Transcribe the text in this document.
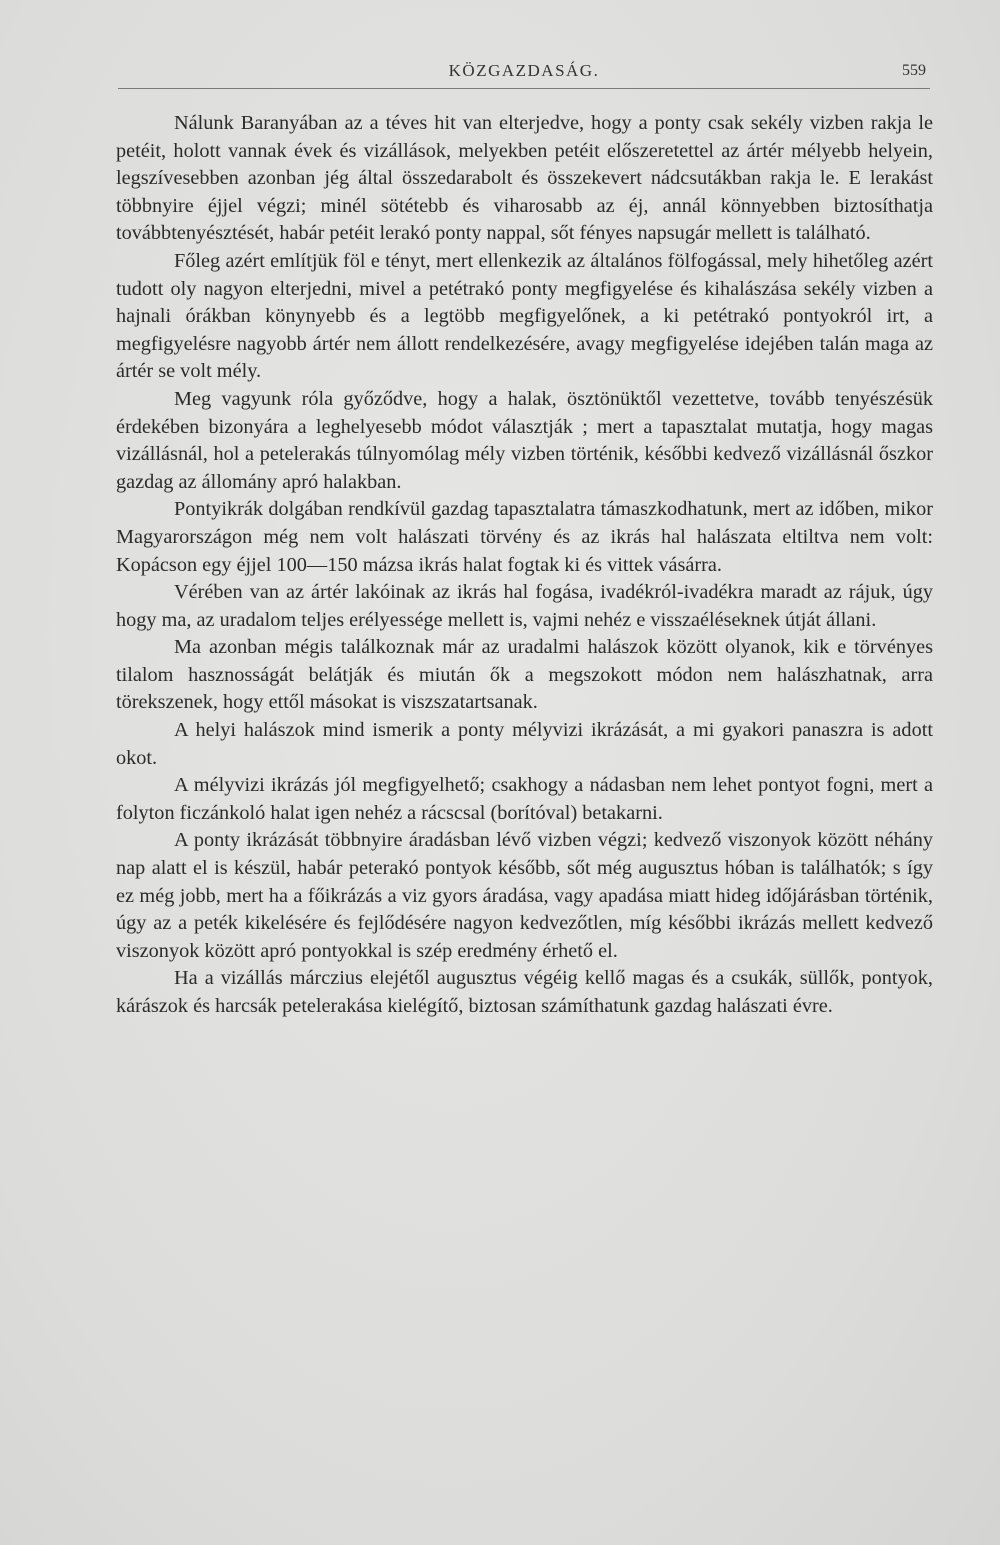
KÖZGAZDASÁG.	559

Nálunk Baranyában az a téves hit van elterjedve, hogy a ponty csak sekély vizben rakja le petéit, holott vannak évek és vizállások, melyekben petéit előszeretettel az ártér mélyebb helyein, legszívesebben azonban jég által összedarabolt és összekevert nádcsutákban rakja le. E lerakást többnyire éjjel végzi; minél sötétebb és viharosabb az éj, annál könnyebben biztosíthatja továbbtenyésztését, habár petéit lerakó ponty nappal, sőt fényes napsugár mellett is található.

Főleg azért említjük föl e tényt, mert ellenkezik az általános fölfogással, mely hihetőleg azért tudott oly nagyon elterjedni, mivel a petétrakó ponty megfigyelése és kihalászása sekély vizben a hajnali órákban könynyebb és a legtöbb megfigyelőnek, a ki petétrakó pontyokról irt, a megfigyelésre nagyobb ártér nem állott rendelkezésére, avagy megfigyelése idejében talán maga az ártér se volt mély.

Meg vagyunk róla győződve, hogy a halak, ösztönüktől vezettetve, tovább tenyészésük érdekében bizonyára a leghelyesebb módot választják ; mert a tapasztalat mutatja, hogy magas vizállásnál, hol a petelerakás túlnyomólag mély vizben történik, későbbi kedvező vizállásnál őszkor gazdag az állomány apró halakban.

Pontyikrák dolgában rendkívül gazdag tapasztalatra támaszkodhatunk, mert az időben, mikor Magyarországon még nem volt halászati törvény és az ikrás hal halászata eltiltva nem volt: Kopácson egy éjjel 100—150 mázsa ikrás halat fogtak ki és vittek vásárra.

Vérében van az ártér lakóinak az ikrás hal fogása, ivadékról-ivadékra maradt az rájuk, úgy hogy ma, az uradalom teljes erélyessége mellett is, vajmi nehéz e visszaéléseknek útját állani.

Ma azonban mégis találkoznak már az uradalmi halászok között olyanok, kik e törvényes tilalom hasznosságát belátják és miután ők a megszokott módon nem halászhatnak, arra törekszenek, hogy ettől másokat is viszszatartsanak.

A helyi halászok mind ismerik a ponty mélyvizi ikrázását, a mi gyakori panaszra is adott okot.

A mélyvizi ikrázás jól megfigyelhető; csakhogy a nádasban nem lehet pontyot fogni, mert a folyton ficzánkoló halat igen nehéz a rácscsal (borítóval) betakarni.

A ponty ikrázását többnyire áradásban lévő vizben végzi; kedvező viszonyok között néhány nap alatt el is készül, habár peterakó pontyok később, sőt még augusztus hóban is találhatók; s így ez még jobb, mert ha a főikrázás a viz gyors áradása, vagy apadása miatt hideg időjárásban történik, úgy az a peték kikelésére és fejlődésére nagyon kedvezőtlen, míg későbbi ikrázás mellett kedvező viszonyok között apró pontyokkal is szép eredmény érhető el.

Ha a vizállás márczius elejétől augusztus végéig kellő magas és a csukák, süllők, pontyok, kárászok és harcsák petelerakása kielégítő, biztosan számíthatunk gazdag halászati évre.
